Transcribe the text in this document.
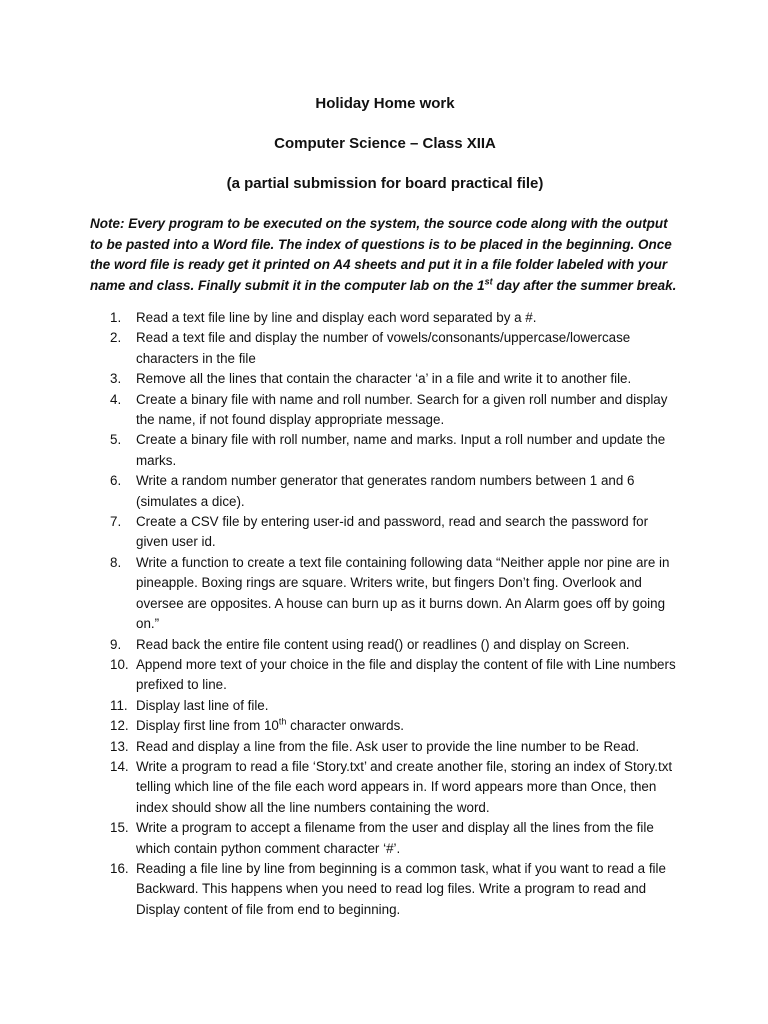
Holiday Home work
Computer Science – Class XIIA
(a partial submission for board practical file)
Note: Every program to be executed on the system, the source code along with the output to be pasted into a Word file. The index of questions is to be placed in the beginning. Once the word file is ready get it printed on A4 sheets and put it in a file folder labeled with your name and class. Finally submit it in the computer lab on the 1st day after the summer break.
1. Read a text file line by line and display each word separated by a #.
2. Read a text file and display the number of vowels/consonants/uppercase/lowercase characters in the file
3. Remove all the lines that contain the character ‘a’ in a file and write it to another file.
4. Create a binary file with name and roll number. Search for a given roll number and display the name, if not found display appropriate message.
5. Create a binary file with roll number, name and marks. Input a roll number and update the marks.
6. Write a random number generator that generates random numbers between 1 and 6 (simulates a dice).
7. Create a CSV file by entering user-id and password, read and search the password for given user id.
8. Write a function to create a text file containing following data “Neither apple nor pine are in pineapple. Boxing rings are square. Writers write, but fingers Don’t fing. Overlook and oversee are opposites. A house can burn up as it burns down. An Alarm goes off by going on.”
9. Read back the entire file content using read() or readlines () and display on Screen.
10. Append more text of your choice in the file and display the content of file with Line numbers prefixed to line.
11. Display last line of file.
12. Display first line from 10th character onwards.
13. Read and display a line from the file. Ask user to provide the line number to be Read.
14. Write a program to read a file ‘Story.txt’ and create another file, storing an index of Story.txt telling which line of the file each word appears in. If word appears more than Once, then index should show all the line numbers containing the word.
15. Write a program to accept a filename from the user and display all the lines from the file which contain python comment character ‘#’.
16. Reading a file line by line from beginning is a common task, what if you want to read a file Backward. This happens when you need to read log files. Write a program to read and Display content of file from end to beginning.
